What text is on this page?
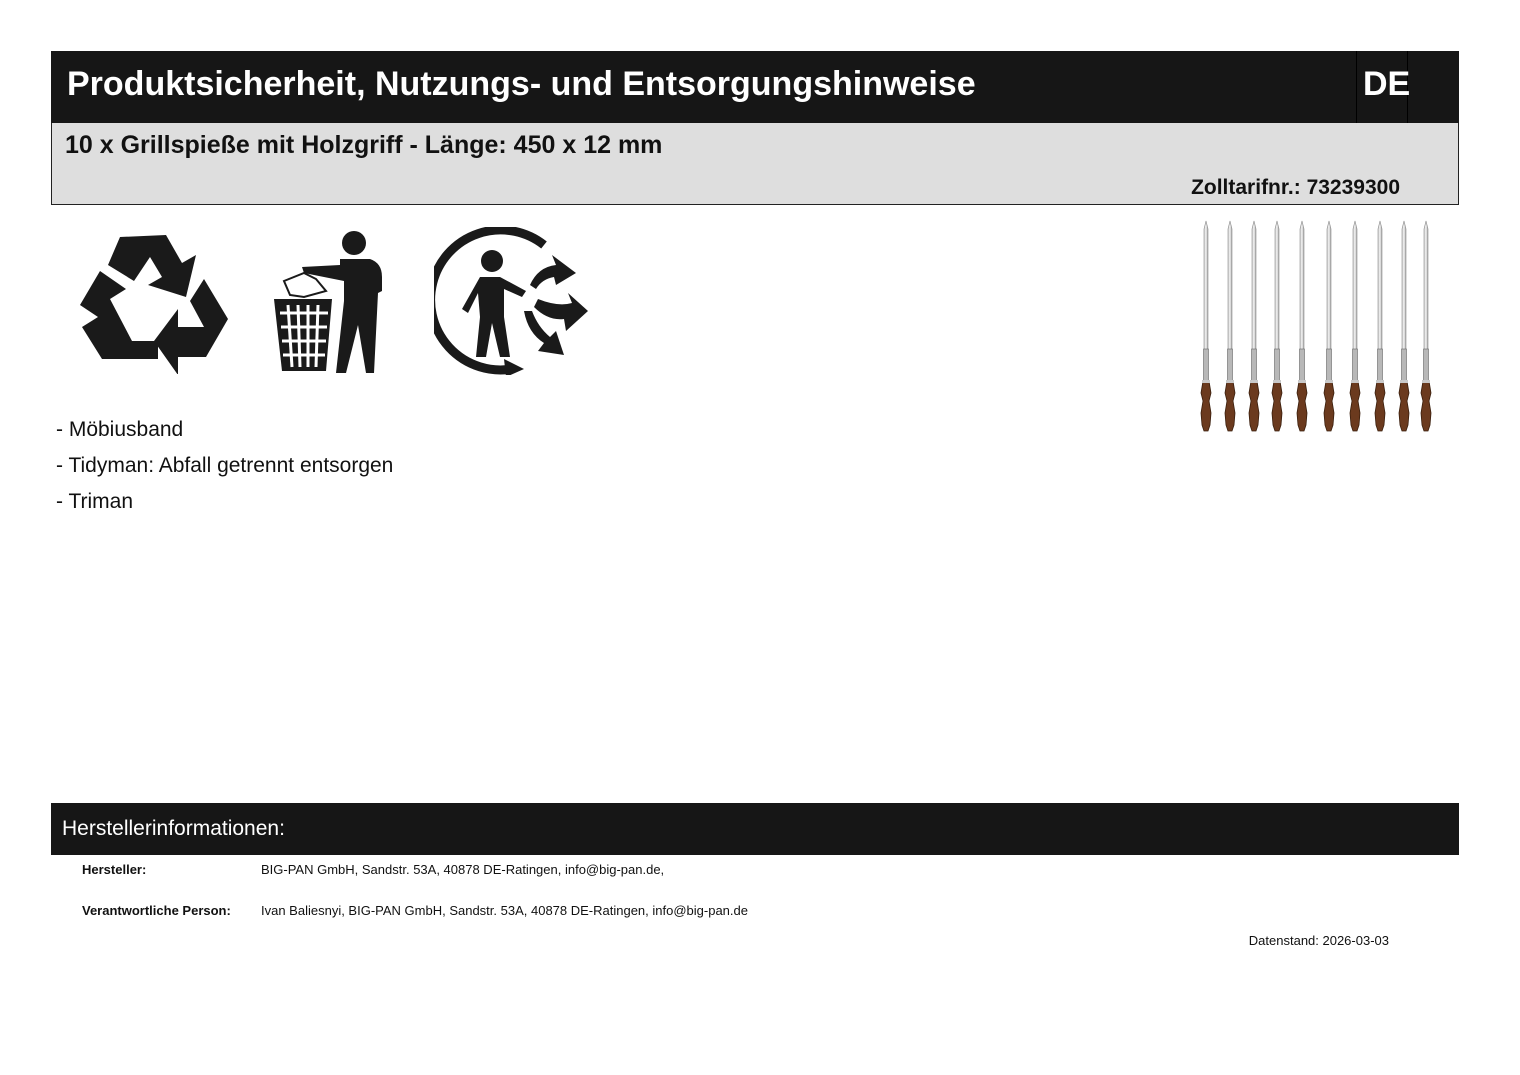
Produktsicherheit, Nutzungs- und Entsorgungshinweise	DE
10 x Grillspieße mit Holzgriff - Länge: 450 x 12 mm
Zolltarifnr.: 73239300
- Möbiusband
- Tidyman: Abfall getrennt entsorgen
- Triman
Herstellerinformationen:
Hersteller:	BIG-PAN GmbH, Sandstr. 53A, 40878 DE-Ratingen, info@big-pan.de,
Verantwortliche Person: Ivan Baliesnyi, BIG-PAN GmbH, Sandstr. 53A, 40878 DE-Ratingen, info@big-pan.de
Datenstand: 2026-03-03
